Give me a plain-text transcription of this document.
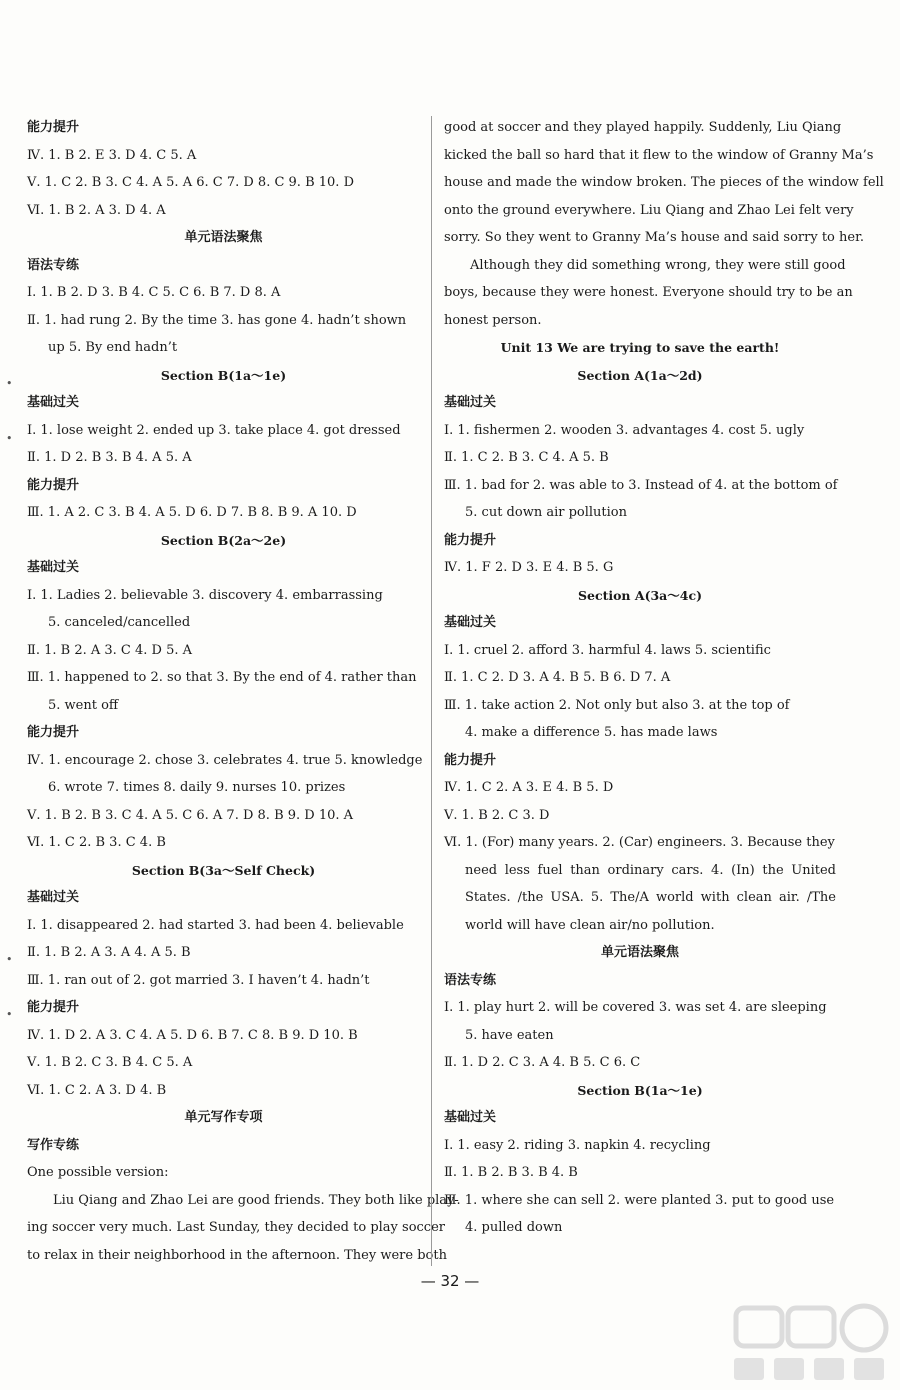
能力提升
Ⅳ. 1. B 2. E 3. D 4. C 5. A
Ⅴ. 1. C 2. B 3. C 4. A 5. A 6. C 7. D 8. C 9. B 10. D
Ⅵ. 1. B 2. A 3. D 4. A
单元语法聚焦
语法专练
Ⅰ. 1. B 2. D 3. B 4. C 5. C 6. B 7. D 8. A
Ⅱ. 1. had rung 2. By the time 3. has gone 4. hadn’t shown
up 5. By end hadn’t
Section B(1a～1e)
基础过关
Ⅰ. 1. lose weight 2. ended up 3. take place 4. got dressed
Ⅱ. 1. D 2. B 3. B 4. A 5. A
能力提升
Ⅲ. 1. A 2. C 3. B 4. A 5. D 6. D 7. B 8. B 9. A 10. D
Section B(2a～2e)
基础过关
Ⅰ. 1. Ladies 2. believable 3. discovery 4. embarrassing
5. canceled/cancelled
Ⅱ. 1. B 2. A 3. C 4. D 5. A
Ⅲ. 1. happened to 2. so that 3. By the end of 4. rather than
5. went off
能力提升
Ⅳ. 1. encourage 2. chose 3. celebrates 4. true 5. knowledge
6. wrote 7. times 8. daily 9. nurses 10. prizes
Ⅴ. 1. B 2. B 3. C 4. A 5. C 6. A 7. D 8. B 9. D 10. A
Ⅵ. 1. C 2. B 3. C 4. B
Section B(3a～Self Check)
基础过关
Ⅰ. 1. disappeared 2. had started 3. had been 4. believable
Ⅱ. 1. B 2. A 3. A 4. A 5. B
Ⅲ. 1. ran out of 2. got married 3. I haven’t 4. hadn’t
能力提升
Ⅳ. 1. D 2. A 3. C 4. A 5. D 6. B 7. C 8. B 9. D 10. B
Ⅴ. 1. B 2. C 3. B 4. C 5. A
Ⅵ. 1. C 2. A 3. D 4. B
单元写作专项
写作专练
One possible version:
Liu Qiang and Zhao Lei are good friends. They both like play-
ing soccer very much. Last Sunday, they decided to play soccer
to relax in their neighborhood in the afternoon. They were both
good at soccer and they played happily. Suddenly, Liu Qiang
kicked the ball so hard that it flew to the window of Granny Ma’s
house and made the window broken. The pieces of the window fell
onto the ground everywhere. Liu Qiang and Zhao Lei felt very
sorry. So they went to Granny Ma’s house and said sorry to her.
Although they did something wrong, they were still good
boys, because they were honest. Everyone should try to be an
honest person.
Unit 13 We are trying to save the earth!
Section A(1a～2d)
基础过关
Ⅰ. 1. fishermen 2. wooden 3. advantages 4. cost 5. ugly
Ⅱ. 1. C 2. B 3. C 4. A 5. B
Ⅲ. 1. bad for 2. was able to 3. Instead of 4. at the bottom of
5. cut down air pollution
能力提升
Ⅳ. 1. F 2. D 3. E 4. B 5. G
Section A(3a～4c)
基础过关
Ⅰ. 1. cruel 2. afford 3. harmful 4. laws 5. scientific
Ⅱ. 1. C 2. D 3. A 4. B 5. B 6. D 7. A
Ⅲ. 1. take action 2. Not only but also 3. at the top of
4. make a difference 5. has made laws
能力提升
Ⅳ. 1. C 2. A 3. E 4. B 5. D
Ⅴ. 1. B 2. C 3. D
Ⅵ. 1. (For) many years. 2. (Car) engineers. 3. Because they
need less fuel than ordinary cars. 4. (In) the United
States. /the USA. 5. The/A world with clean air. /The
world will have clean air/no pollution.
单元语法聚焦
语法专练
Ⅰ. 1. play hurt 2. will be covered 3. was set 4. are sleeping
5. have eaten
Ⅱ. 1. D 2. C 3. A 4. B 5. C 6. C
Section B(1a～1e)
基础过关
Ⅰ. 1. easy 2. riding 3. napkin 4. recycling
Ⅱ. 1. B 2. B 3. B 4. B
Ⅲ. 1. where she can sell 2. were planted 3. put to good use
4. pulled down
— 32 —
•
•
•
•
